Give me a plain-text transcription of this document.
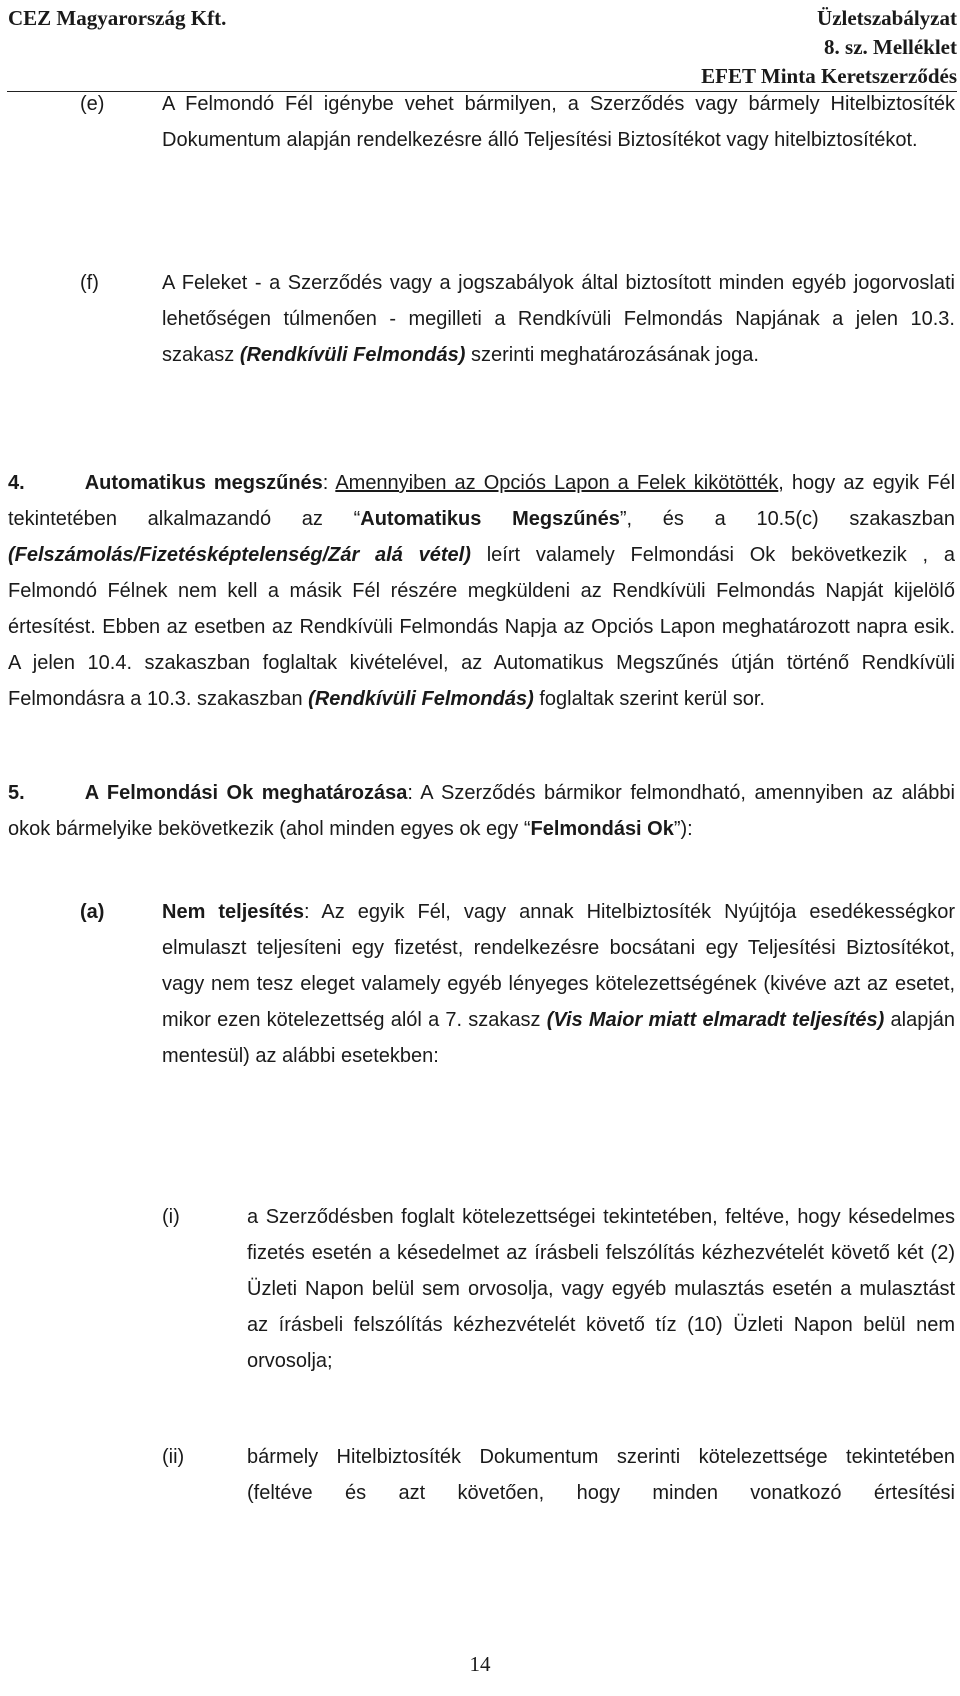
CEZ Magyarország Kft.	Üzletszabályzat
8. sz. Melléklet
EFET Minta Keretszerződés
(e)	A Felmondó Fél igénybe vehet bármilyen, a Szerződés vagy bármely Hitelbiztosíték Dokumentum alapján rendelkezésre álló Teljesítési Biztosítékot vagy hitelbiztosítékot.
(f)	A Feleket - a Szerződés vagy a jogszabályok által biztosított minden egyéb jogorvoslati lehetőségen túlmenően - megilleti a Rendkívüli Felmondás Napjának a jelen 10.3. szakasz (Rendkívüli Felmondás) szerinti meghatározásának joga.
4.	Automatikus megszűnés: Amennyiben az Opciós Lapon a Felek kikötötték, hogy az egyik Fél tekintetében alkalmazandó az “Automatikus Megszűnés”, és a 10.5(c) szakaszban (Felszámolás/Fizetésképtelenség/Zár alá vétel) leírt valamely Felmondási Ok bekövetkezik , a Felmondó Félnek nem kell a másik Fél részére megküldeni az Rendkívüli Felmondás Napját kijelölő értesítést. Ebben az esetben az Rendkívüli Felmondás Napja az Opciós Lapon meghatározott napra esik. A jelen 10.4. szakaszban foglaltak kivételével, az Automatikus Megszűnés útján történő Rendkívüli Felmondásra a 10.3. szakaszban (Rendkívüli Felmondás) foglaltak szerint kerül sor.
5.	A Felmondási Ok meghatározása: A Szerződés bármikor felmondható, amennyiben az alábbi okok bármelyike bekövetkezik (ahol minden egyes ok egy “Felmondási Ok”):
(a)	Nem teljesítés: Az egyik Fél, vagy annak Hitelbiztosíték Nyújtója esedékességkor elmulaszt teljesíteni egy fizetést, rendelkezésre bocsátani egy Teljesítési Biztosítékot, vagy nem tesz eleget valamely egyéb lényeges kötelezettségének (kivéve azt az esetet, mikor ezen kötelezettség alól a 7. szakasz (Vis Maior miatt elmaradt teljesítés) alapján mentesül) az alábbi esetekben:
(i)	a Szerződésben foglalt kötelezettségei tekintetében, feltéve, hogy késedelmes fizetés esetén a késedelmet az írásbeli felszólítás kézhezvételét követő két (2) Üzleti Napon belül sem orvosolja, vagy egyéb mulasztás esetén a mulasztást az írásbeli felszólítás kézhezvételét követő tíz (10) Üzleti Napon belül nem orvosolja;
(ii)	bármely Hitelbiztosíték Dokumentum szerinti kötelezettsége tekintetében (feltéve és azt követően, hogy minden vonatkozó értesítési
14
